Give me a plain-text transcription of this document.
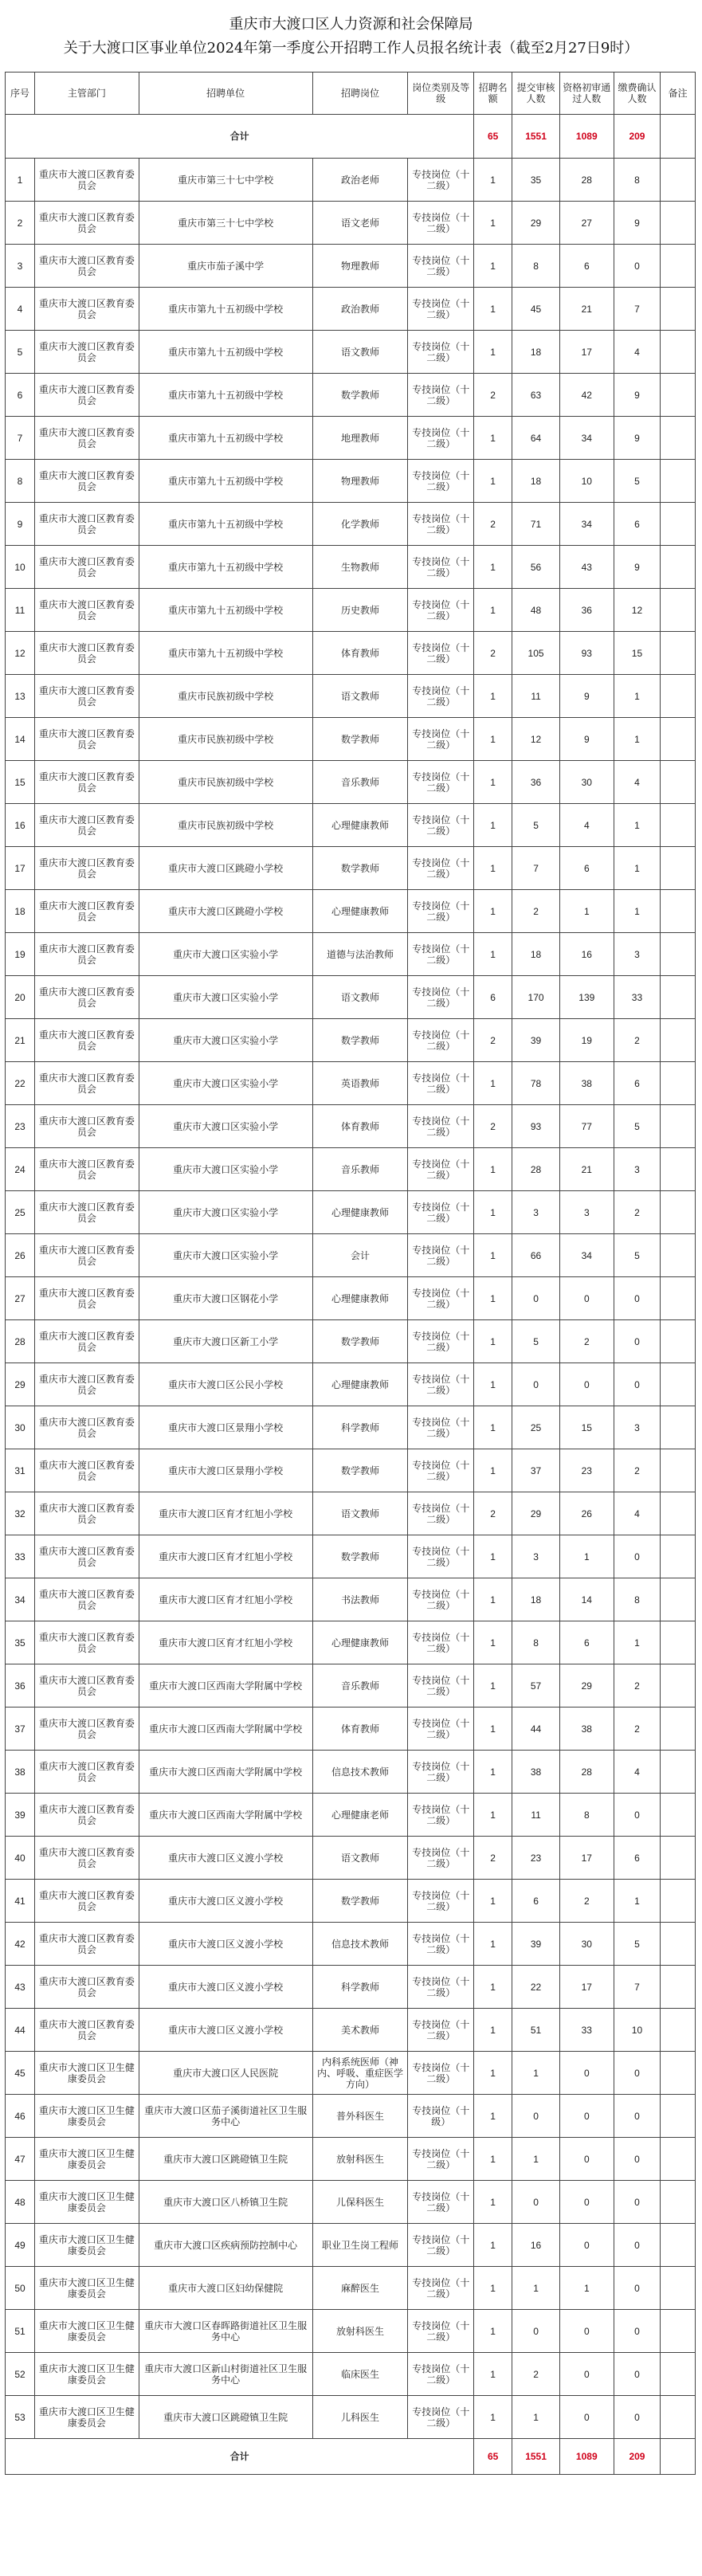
重庆市大渡口区人力资源和社会保障局
关于大渡口区事业单位2024年第一季度公开招聘工作人员报名统计表（截至2月27日9时）
序号	主管部门	招聘单位	招聘岗位	岗位类别及等级	招聘名额	提交审核人数	资格初审通过人数	缴费确认人数	备注
合计					65	1551	1089	209	
1	重庆市大渡口区教育委员会	重庆市第三十七中学校	政治老师	专技岗位（十二级）	1	35	28	8	
2	重庆市大渡口区教育委员会	重庆市第三十七中学校	语文老师	专技岗位（十二级）	1	29	27	9	
3	重庆市大渡口区教育委员会	重庆市茄子溪中学	物理教师	专技岗位（十二级）	1	8	6	0	
4	重庆市大渡口区教育委员会	重庆市第九十五初级中学校	政治教师	专技岗位（十二级）	1	45	21	7	
5	重庆市大渡口区教育委员会	重庆市第九十五初级中学校	语文教师	专技岗位（十二级）	1	18	17	4	
6	重庆市大渡口区教育委员会	重庆市第九十五初级中学校	数学教师	专技岗位（十二级）	2	63	42	9	
7	重庆市大渡口区教育委员会	重庆市第九十五初级中学校	地理教师	专技岗位（十二级）	1	64	34	9	
8	重庆市大渡口区教育委员会	重庆市第九十五初级中学校	物理教师	专技岗位（十二级）	1	18	10	5	
9	重庆市大渡口区教育委员会	重庆市第九十五初级中学校	化学教师	专技岗位（十二级）	2	71	34	6	
10	重庆市大渡口区教育委员会	重庆市第九十五初级中学校	生物教师	专技岗位（十二级）	1	56	43	9	
11	重庆市大渡口区教育委员会	重庆市第九十五初级中学校	历史教师	专技岗位（十二级）	1	48	36	12	
12	重庆市大渡口区教育委员会	重庆市第九十五初级中学校	体育教师	专技岗位（十二级）	2	105	93	15	
13	重庆市大渡口区教育委员会	重庆市民族初级中学校	语文教师	专技岗位（十二级）	1	11	9	1	
14	重庆市大渡口区教育委员会	重庆市民族初级中学校	数学教师	专技岗位（十二级）	1	12	9	1	
15	重庆市大渡口区教育委员会	重庆市民族初级中学校	音乐教师	专技岗位（十二级）	1	36	30	4	
16	重庆市大渡口区教育委员会	重庆市民族初级中学校	心理健康教师	专技岗位（十二级）	1	5	4	1	
17	重庆市大渡口区教育委员会	重庆市大渡口区跳磴小学校	数学教师	专技岗位（十二级）	1	7	6	1	
18	重庆市大渡口区教育委员会	重庆市大渡口区跳磴小学校	心理健康教师	专技岗位（十二级）	1	2	1	1	
19	重庆市大渡口区教育委员会	重庆市大渡口区实验小学	道德与法治教师	专技岗位（十二级）	1	18	16	3	
20	重庆市大渡口区教育委员会	重庆市大渡口区实验小学	语文教师	专技岗位（十二级）	6	170	139	33	
21	重庆市大渡口区教育委员会	重庆市大渡口区实验小学	数学教师	专技岗位（十二级）	2	39	19	2	
22	重庆市大渡口区教育委员会	重庆市大渡口区实验小学	英语教师	专技岗位（十二级）	1	78	38	6	
23	重庆市大渡口区教育委员会	重庆市大渡口区实验小学	体育教师	专技岗位（十二级）	2	93	77	5	
24	重庆市大渡口区教育委员会	重庆市大渡口区实验小学	音乐教师	专技岗位（十二级）	1	28	21	3	
25	重庆市大渡口区教育委员会	重庆市大渡口区实验小学	心理健康教师	专技岗位（十二级）	1	3	3	2	
26	重庆市大渡口区教育委员会	重庆市大渡口区实验小学	会计	专技岗位（十二级）	1	66	34	5	
27	重庆市大渡口区教育委员会	重庆市大渡口区钢花小学	心理健康教师	专技岗位（十二级）	1	0	0	0	
28	重庆市大渡口区教育委员会	重庆市大渡口区新工小学	数学教师	专技岗位（十二级）	1	5	2	0	
29	重庆市大渡口区教育委员会	重庆市大渡口区公民小学校	心理健康教师	专技岗位（十二级）	1	0	0	0	
30	重庆市大渡口区教育委员会	重庆市大渡口区景翔小学校	科学教师	专技岗位（十二级）	1	25	15	3	
31	重庆市大渡口区教育委员会	重庆市大渡口区景翔小学校	数学教师	专技岗位（十二级）	1	37	23	2	
32	重庆市大渡口区教育委员会	重庆市大渡口区育才红旭小学校	语文教师	专技岗位（十二级）	2	29	26	4	
33	重庆市大渡口区教育委员会	重庆市大渡口区育才红旭小学校	数学教师	专技岗位（十二级）	1	3	1	0	
34	重庆市大渡口区教育委员会	重庆市大渡口区育才红旭小学校	书法教师	专技岗位（十二级）	1	18	14	8	
35	重庆市大渡口区教育委员会	重庆市大渡口区育才红旭小学校	心理健康教师	专技岗位（十二级）	1	8	6	1	
36	重庆市大渡口区教育委员会	重庆市大渡口区西南大学附属中学校	音乐教师	专技岗位（十二级）	1	57	29	2	
37	重庆市大渡口区教育委员会	重庆市大渡口区西南大学附属中学校	体育教师	专技岗位（十二级）	1	44	38	2	
38	重庆市大渡口区教育委员会	重庆市大渡口区西南大学附属中学校	信息技术教师	专技岗位（十二级）	1	38	28	4	
39	重庆市大渡口区教育委员会	重庆市大渡口区西南大学附属中学校	心理健康老师	专技岗位（十二级）	1	11	8	0	
40	重庆市大渡口区教育委员会	重庆市大渡口区义渡小学校	语文教师	专技岗位（十二级）	2	23	17	6	
41	重庆市大渡口区教育委员会	重庆市大渡口区义渡小学校	数学教师	专技岗位（十二级）	1	6	2	1	
42	重庆市大渡口区教育委员会	重庆市大渡口区义渡小学校	信息技术教师	专技岗位（十二级）	1	39	30	5	
43	重庆市大渡口区教育委员会	重庆市大渡口区义渡小学校	科学教师	专技岗位（十二级）	1	22	17	7	
44	重庆市大渡口区教育委员会	重庆市大渡口区义渡小学校	美术教师	专技岗位（十二级）	1	51	33	10	
45	重庆市大渡口区卫生健康委员会	重庆市大渡口区人民医院	内科系统医师（神内、呼吸、重症医学方向）	专技岗位（十二级）	1	1	0	0	
46	重庆市大渡口区卫生健康委员会	重庆市大渡口区茄子溪街道社区卫生服务中心	普外科医生	专技岗位（十级）	1	0	0	0	
47	重庆市大渡口区卫生健康委员会	重庆市大渡口区跳磴镇卫生院	放射科医生	专技岗位（十二级）	1	1	0	0	
48	重庆市大渡口区卫生健康委员会	重庆市大渡口区八桥镇卫生院	儿保科医生	专技岗位（十二级）	1	0	0	0	
49	重庆市大渡口区卫生健康委员会	重庆市大渡口区疾病预防控制中心	职业卫生岗工程师	专技岗位（十二级）	1	16	0	0	
50	重庆市大渡口区卫生健康委员会	重庆市大渡口区妇幼保健院	麻醉医生	专技岗位（十二级）	1	1	1	0	
51	重庆市大渡口区卫生健康委员会	重庆市大渡口区春晖路街道社区卫生服务中心	放射科医生	专技岗位（十二级）	1	0	0	0	
52	重庆市大渡口区卫生健康委员会	重庆市大渡口区新山村街道社区卫生服务中心	临床医生	专技岗位（十二级）	1	2	0	0	
53	重庆市大渡口区卫生健康委员会	重庆市大渡口区跳磴镇卫生院	儿科医生	专技岗位（十二级）	1	1	0	0	
合计					65	1551	1089	209	
